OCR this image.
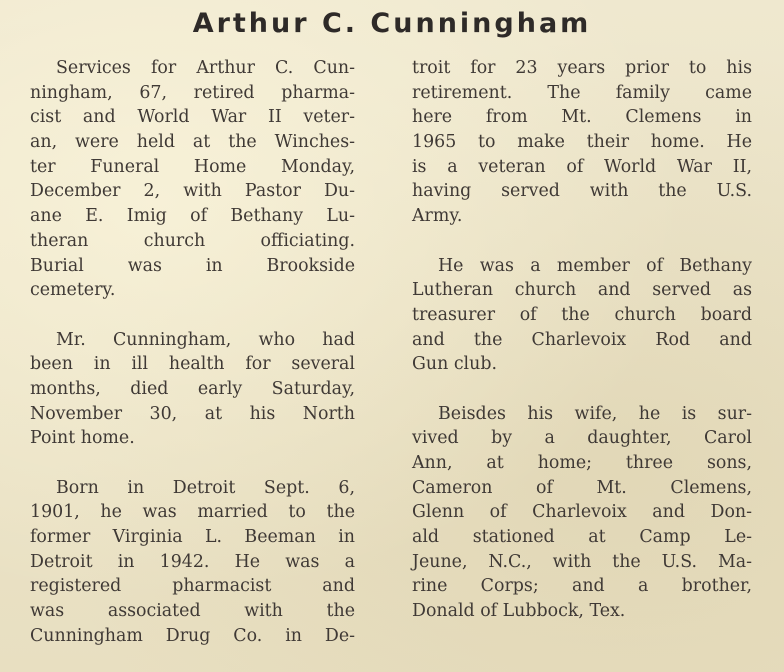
Arthur C. Cunningham
Services for Arthur C. Cun-
ningham, 67, retired pharma-
cist and World War II veter-
an, were held at the Winches-
ter Funeral Home Monday,
December 2, with Pastor Du-
ane E. Imig of Bethany Lu-
theran church officiating.
Burial was in Brookside
cemetery.
Mr. Cunningham, who had
been in ill health for several
months, died early Saturday,
November 30, at his North
Point home.
Born in Detroit Sept. 6,
1901, he was married to the
former Virginia L. Beeman in
Detroit in 1942. He was a
registered pharmacist and
was associated with the
Cunningham Drug Co. in De-
troit for 23 years prior to his
retirement. The family came
here from Mt. Clemens in
1965 to make their home. He
is a veteran of World War II,
having served with the U.S.
Army.
He was a member of Bethany
Lutheran church and served as
treasurer of the church board
and the Charlevoix Rod and
Gun club.
Beisdes his wife, he is sur-
vived by a daughter, Carol
Ann, at home; three sons,
Cameron of Mt. Clemens,
Glenn of Charlevoix and Don-
ald stationed at Camp Le-
Jeune, N.C., with the U.S. Ma-
rine Corps; and a brother,
Donald of Lubbock, Tex.
